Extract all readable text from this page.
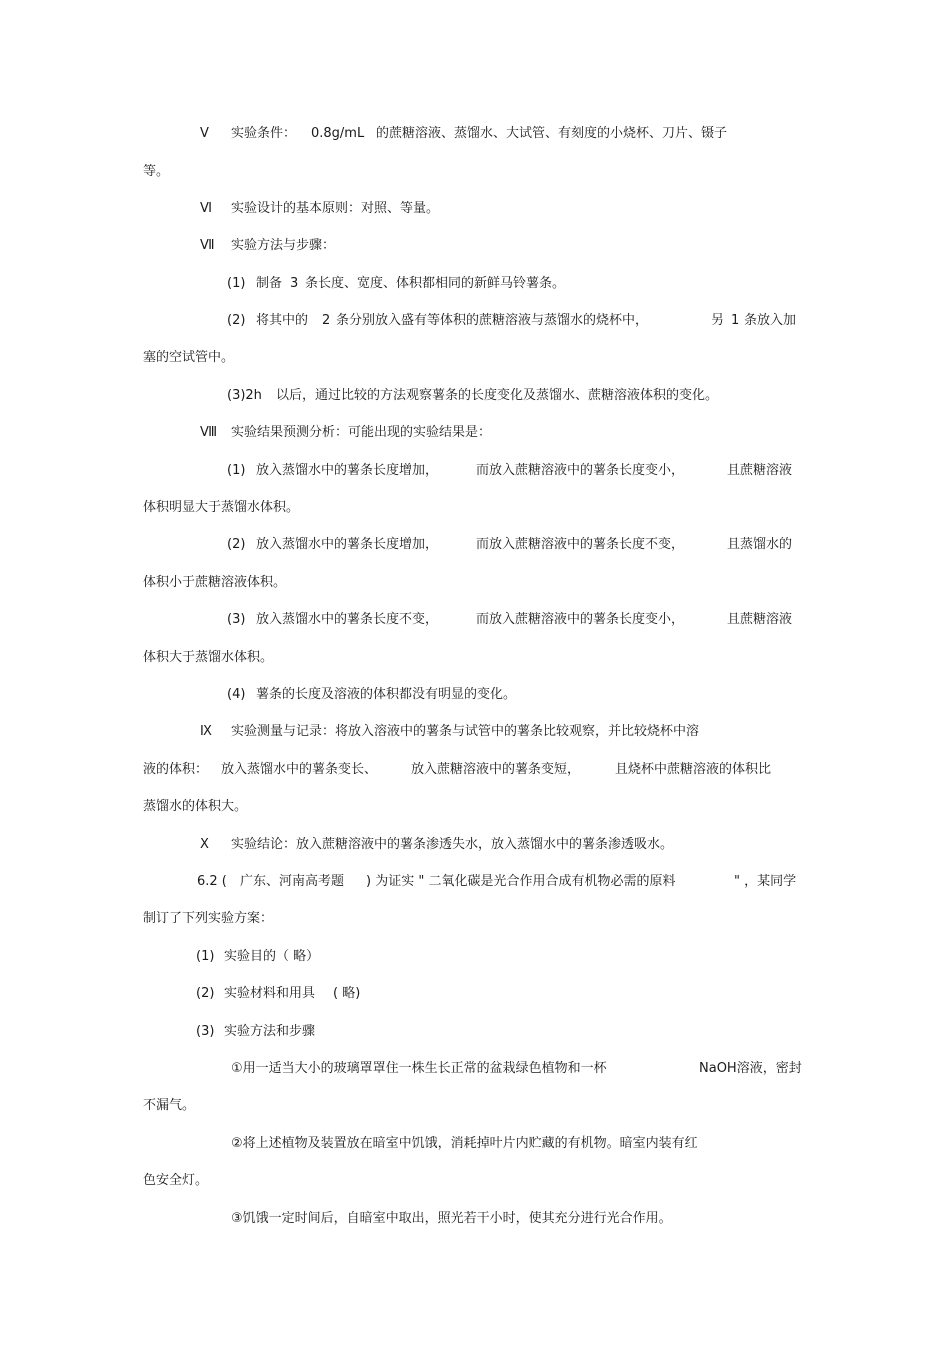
Ⅴ 实验条件： 0.8g/mL 的蔗糖溶液、蒸馏水、大试管、有刻度的小烧杯、刀片、镊子
等。
Ⅵ 实验设计的基本原则：对照、等量。
Ⅶ 实验方法与步骤：
(1) 制备 3 条长度、宽度、体积都相同的新鲜马铃薯条。
(2) 将其中的 2 条分别放入盛有等体积的蔗糖溶液与蒸馏水的烧杯中，	另 1 条放入加
塞的空试管中。
(3)2h 以后，通过比较的方法观察薯条的长度变化及蒸馏水、蔗糖溶液体积的变化。
Ⅷ 实验结果预测分析：可能出现的实验结果是：
(1) 放入蒸馏水中的薯条长度增加，	而放入蔗糖溶液中的薯条长度变小，	且蔗糖溶液
体积明显大于蒸馏水体积。
(2) 放入蒸馏水中的薯条长度增加，	而放入蔗糖溶液中的薯条长度不变，	且蒸馏水的
体积小于蔗糖溶液体积。
(3) 放入蒸馏水中的薯条长度不变，	而放入蔗糖溶液中的薯条长度变小，	且蔗糖溶液
体积大于蒸馏水体积。
(4) 薯条的长度及溶液的体积都没有明显的变化。
Ⅸ 实验测量与记录：将放入溶液中的薯条与试管中的薯条比较观察，并比较烧杯中溶
液的体积： 放入蒸馏水中的薯条变长、	放入蔗糖溶液中的薯条变短，	且烧杯中蔗糖溶液的体积比
蒸馏水的体积大。
Ⅹ 实验结论：放入蔗糖溶液中的薯条渗透失水，放入蒸馏水中的薯条渗透吸水。
6.2 ( 广东、河南高考题 ) 为证实 " 二氧化碳是光合作用合成有机物必需的原料	" ，某同学
制订了下列实验方案：
(1) 实验目的（ 略）
(2) 实验材料和用具 ( 略)
(3) 实验方法和步骤
①用一适当大小的玻璃罩罩住一株生长正常的盆栽绿色植物和一杯	NaOH溶液，密封
不漏气。
②将上述植物及装置放在暗室中饥饿，消耗掉叶片内贮藏的有机物。暗室内装有红
色安全灯。
③饥饿一定时间后，自暗室中取出，照光若干小时，使其充分进行光合作用。
